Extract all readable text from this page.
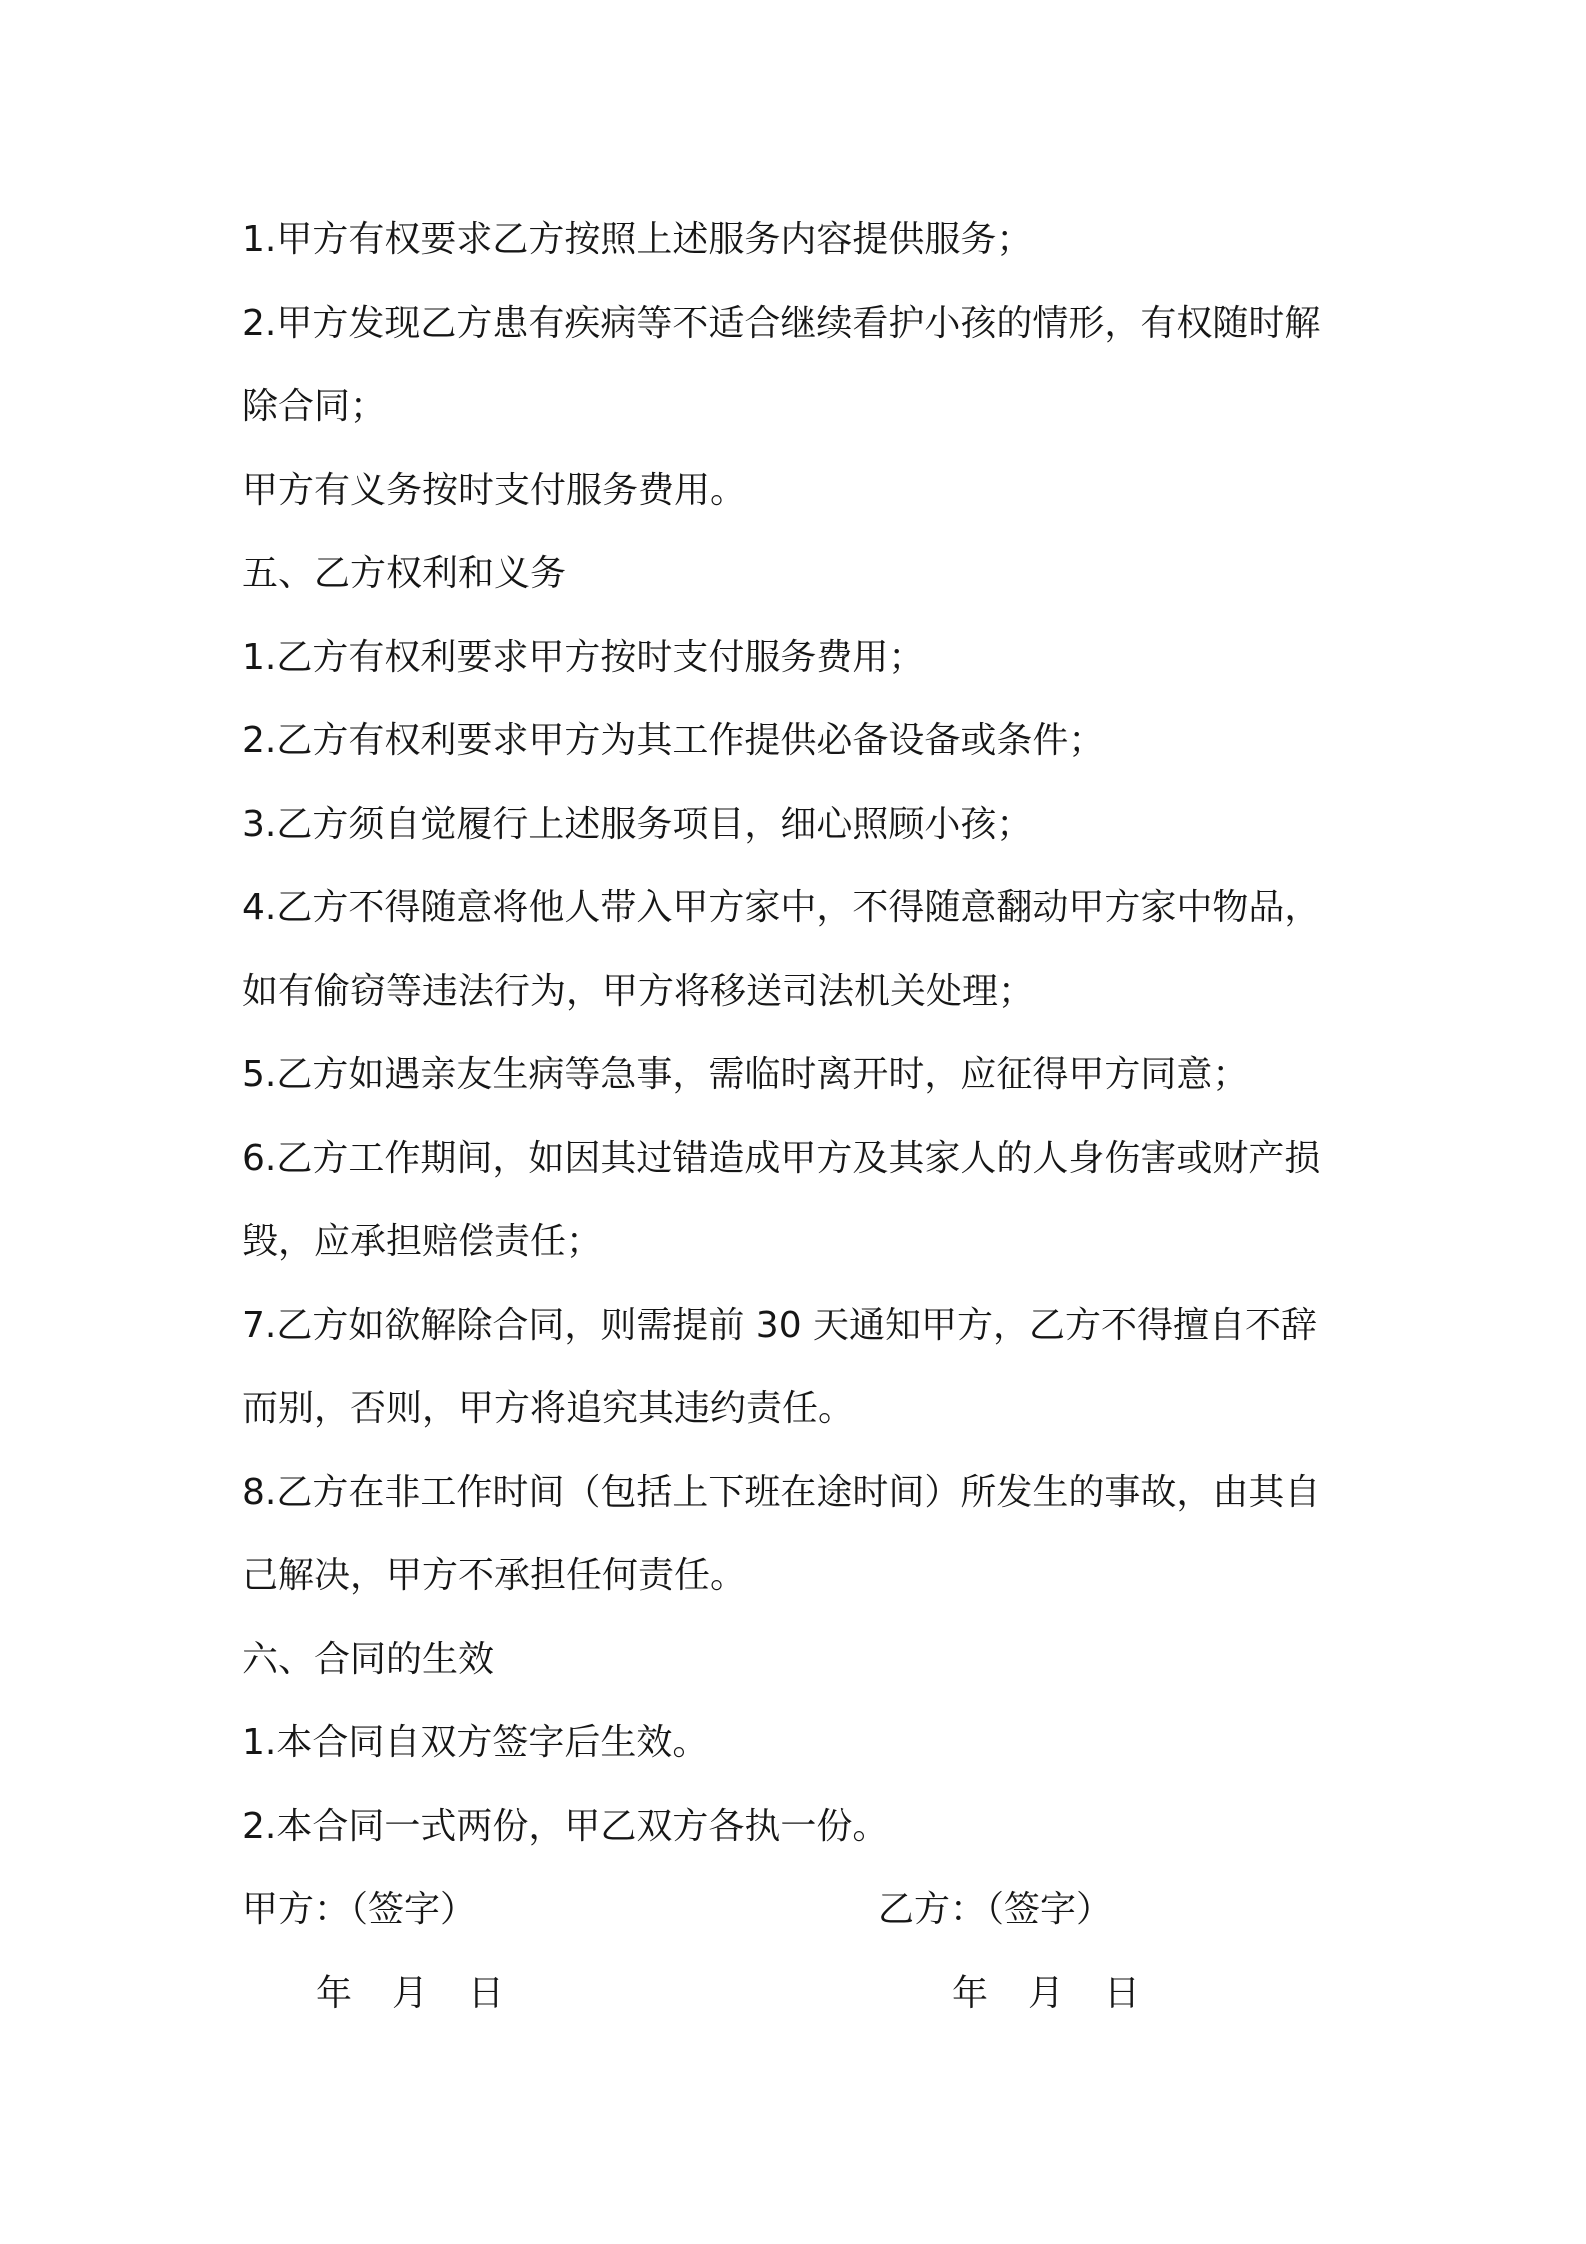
1.甲方有权要求乙方按照上述服务内容提供服务；
2.甲方发现乙方患有疾病等不适合继续看护小孩的情形，有权随时解
除合同；
甲方有义务按时支付服务费用。
五、乙方权利和义务
1.乙方有权利要求甲方按时支付服务费用；
2.乙方有权利要求甲方为其工作提供必备设备或条件；
3.乙方须自觉履行上述服务项目，细心照顾小孩；
4.乙方不得随意将他人带入甲方家中，不得随意翻动甲方家中物品，
如有偷窃等违法行为，甲方将移送司法机关处理；
5.乙方如遇亲友生病等急事，需临时离开时，应征得甲方同意；
6.乙方工作期间，如因其过错造成甲方及其家人的人身伤害或财产损
毁，应承担赔偿责任；
7.乙方如欲解除合同，则需提前 30 天通知甲方，乙方不得擅自不辞
而别，否则，甲方将追究其违约责任。
8.乙方在非工作时间（包括上下班在途时间）所发生的事故，由其自
己解决，甲方不承担任何责任。
六、合同的生效
1.本合同自双方签字后生效。
2.本合同一式两份，甲乙双方各执一份。
甲方：（签字）	乙方：（签字）
年	月	日	年	月	日
